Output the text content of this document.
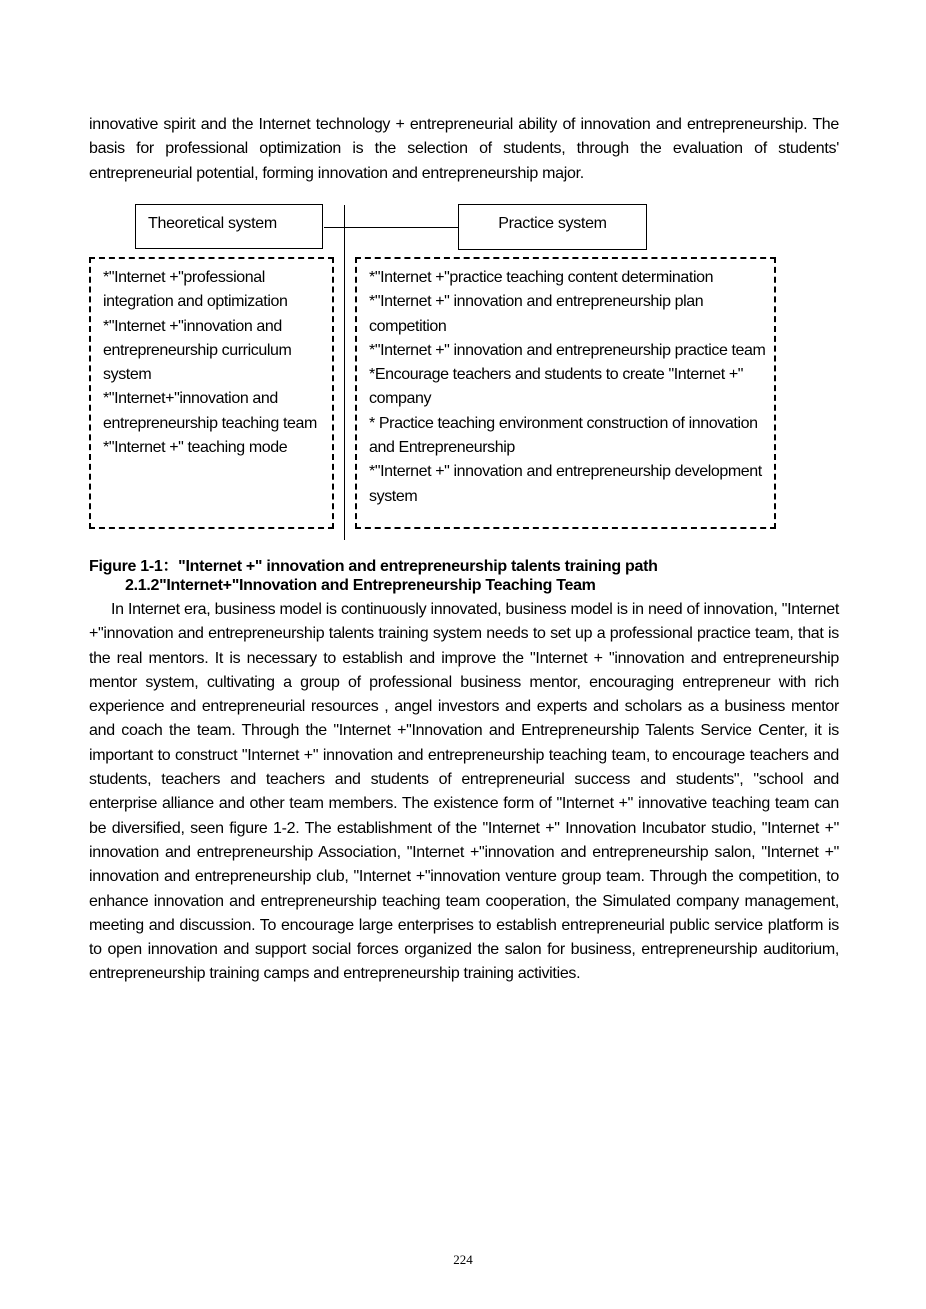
innovative spirit and the Internet technology + entrepreneurial ability of innovation and entrepreneurship. The basis for professional optimization is the selection of students, through the evaluation of students' entrepreneurial potential, forming innovation and entrepreneurship major.
Theoretical system	Practice system
*"Internet +"professional integration and optimization
*"Internet +"innovation and entrepreneurship curriculum system
*"Internet+"innovation and entrepreneurship teaching team
*"Internet +" teaching mode
*"Internet +"practice teaching content determination
*"Internet +" innovation and entrepreneurship plan competition
*"Internet +" innovation and entrepreneurship practice team
*Encourage teachers and students to create "Internet +" company
* Practice teaching environment construction of innovation and Entrepreneurship
*"Internet +" innovation and entrepreneurship development system
Figure 1-1："Internet +" innovation and entrepreneurship talents training path
2.1.2"Internet+"Innovation and Entrepreneurship Teaching Team
In Internet era, business model is continuously innovated, business model is in need of innovation, "Internet +"innovation and entrepreneurship talents training system needs to set up a professional practice team, that is the real mentors. It is necessary to establish and improve the "Internet + "innovation and entrepreneurship mentor system, cultivating a group of professional business mentor, encouraging entrepreneur with rich experience and entrepreneurial resources , angel investors and experts and scholars as a business mentor and coach the team. Through the "Internet +"Innovation and Entrepreneurship Talents Service Center, it is important to construct "Internet +" innovation and entrepreneurship teaching team, to encourage teachers and students, teachers and teachers and students of entrepreneurial success and students", "school and enterprise alliance and other team members. The existence form of "Internet +" innovative teaching team can be diversified, seen figure 1-2. The establishment of the "Internet +" Innovation Incubator studio, "Internet +" innovation and entrepreneurship Association, "Internet +"innovation and entrepreneurship salon, "Internet +" innovation and entrepreneurship club, "Internet +"innovation venture group team. Through the competition, to enhance innovation and entrepreneurship teaching team cooperation, the Simulated company management, meeting and discussion. To encourage large enterprises to establish entrepreneurial public service platform is to open innovation and support social forces organized the salon for business, entrepreneurship auditorium, entrepreneurship training camps and entrepreneurship training activities.
224
